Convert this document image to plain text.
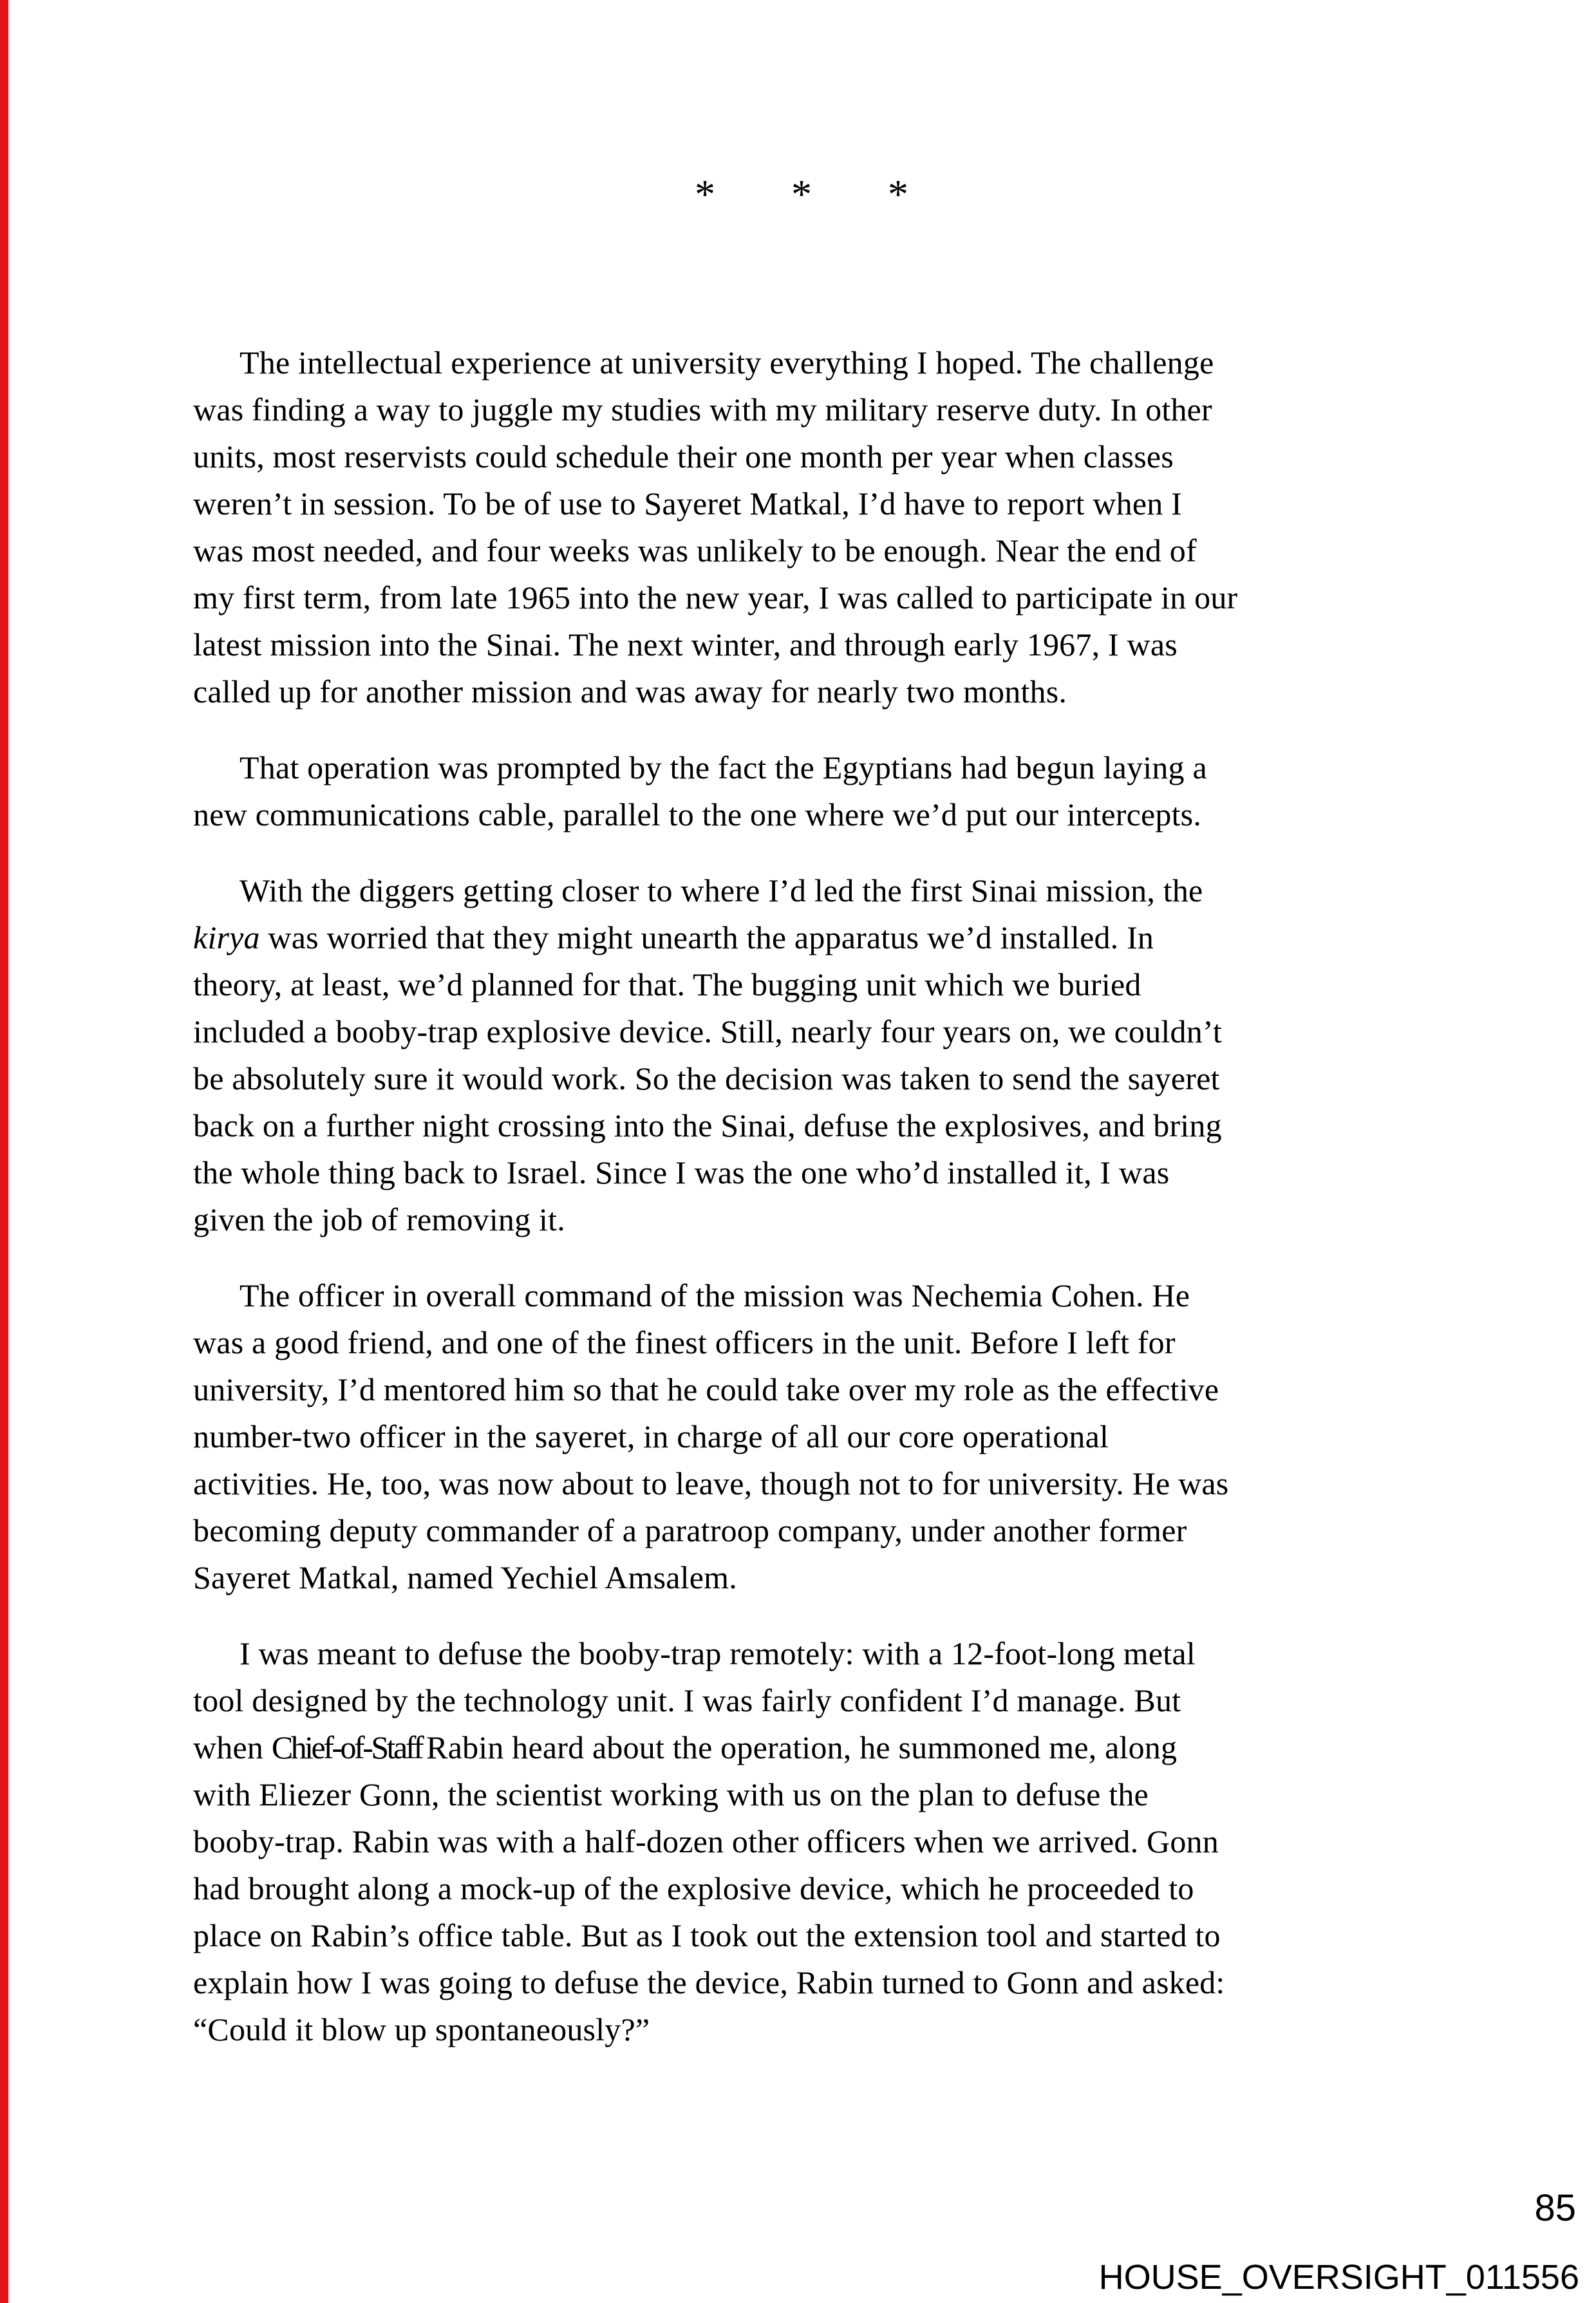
* * *
The intellectual experience at university everything I hoped. The challenge
was finding a way to juggle my studies with my military reserve duty. In other
units, most reservists could schedule their one month per year when classes
weren’t in session. To be of use to Sayeret Matkal, I’d have to report when I
was most needed, and four weeks was unlikely to be enough. Near the end of
my first term, from late 1965 into the new year, I was called to participate in our
latest mission into the Sinai. The next winter, and through early 1967, I was
called up for another mission and was away for nearly two months.
That operation was prompted by the fact the Egyptians had begun laying a
new communications cable, parallel to the one where we’d put our intercepts.
With the diggers getting closer to where I’d led the first Sinai mission, the
kirya was worried that they might unearth the apparatus we’d installed. In
theory, at least, we’d planned for that. The bugging unit which we buried
included a booby-trap explosive device. Still, nearly four years on, we couldn’t
be absolutely sure it would work. So the decision was taken to send the sayeret
back on a further night crossing into the Sinai, defuse the explosives, and bring
the whole thing back to Israel. Since I was the one who’d installed it, I was
given the job of removing it.
The officer in overall command of the mission was Nechemia Cohen. He
was a good friend, and one of the finest officers in the unit. Before I left for
university, I’d mentored him so that he could take over my role as the effective
number-two officer in the sayeret, in charge of all our core operational
activities. He, too, was now about to leave, though not to for university. He was
becoming deputy commander of a paratroop company, under another former
Sayeret Matkal, named Yechiel Amsalem.
I was meant to defuse the booby-trap remotely: with a 12-foot-long metal
tool designed by the technology unit. I was fairly confident I’d manage. But
when Chief-of-Staff Rabin heard about the operation, he summoned me, along
with Eliezer Gonn, the scientist working with us on the plan to defuse the
booby-trap. Rabin was with a half-dozen other officers when we arrived. Gonn
had brought along a mock-up of the explosive device, which he proceeded to
place on Rabin’s office table. But as I took out the extension tool and started to
explain how I was going to defuse the device, Rabin turned to Gonn and asked:
“Could it blow up spontaneously?”
85
HOUSE_OVERSIGHT_011556
